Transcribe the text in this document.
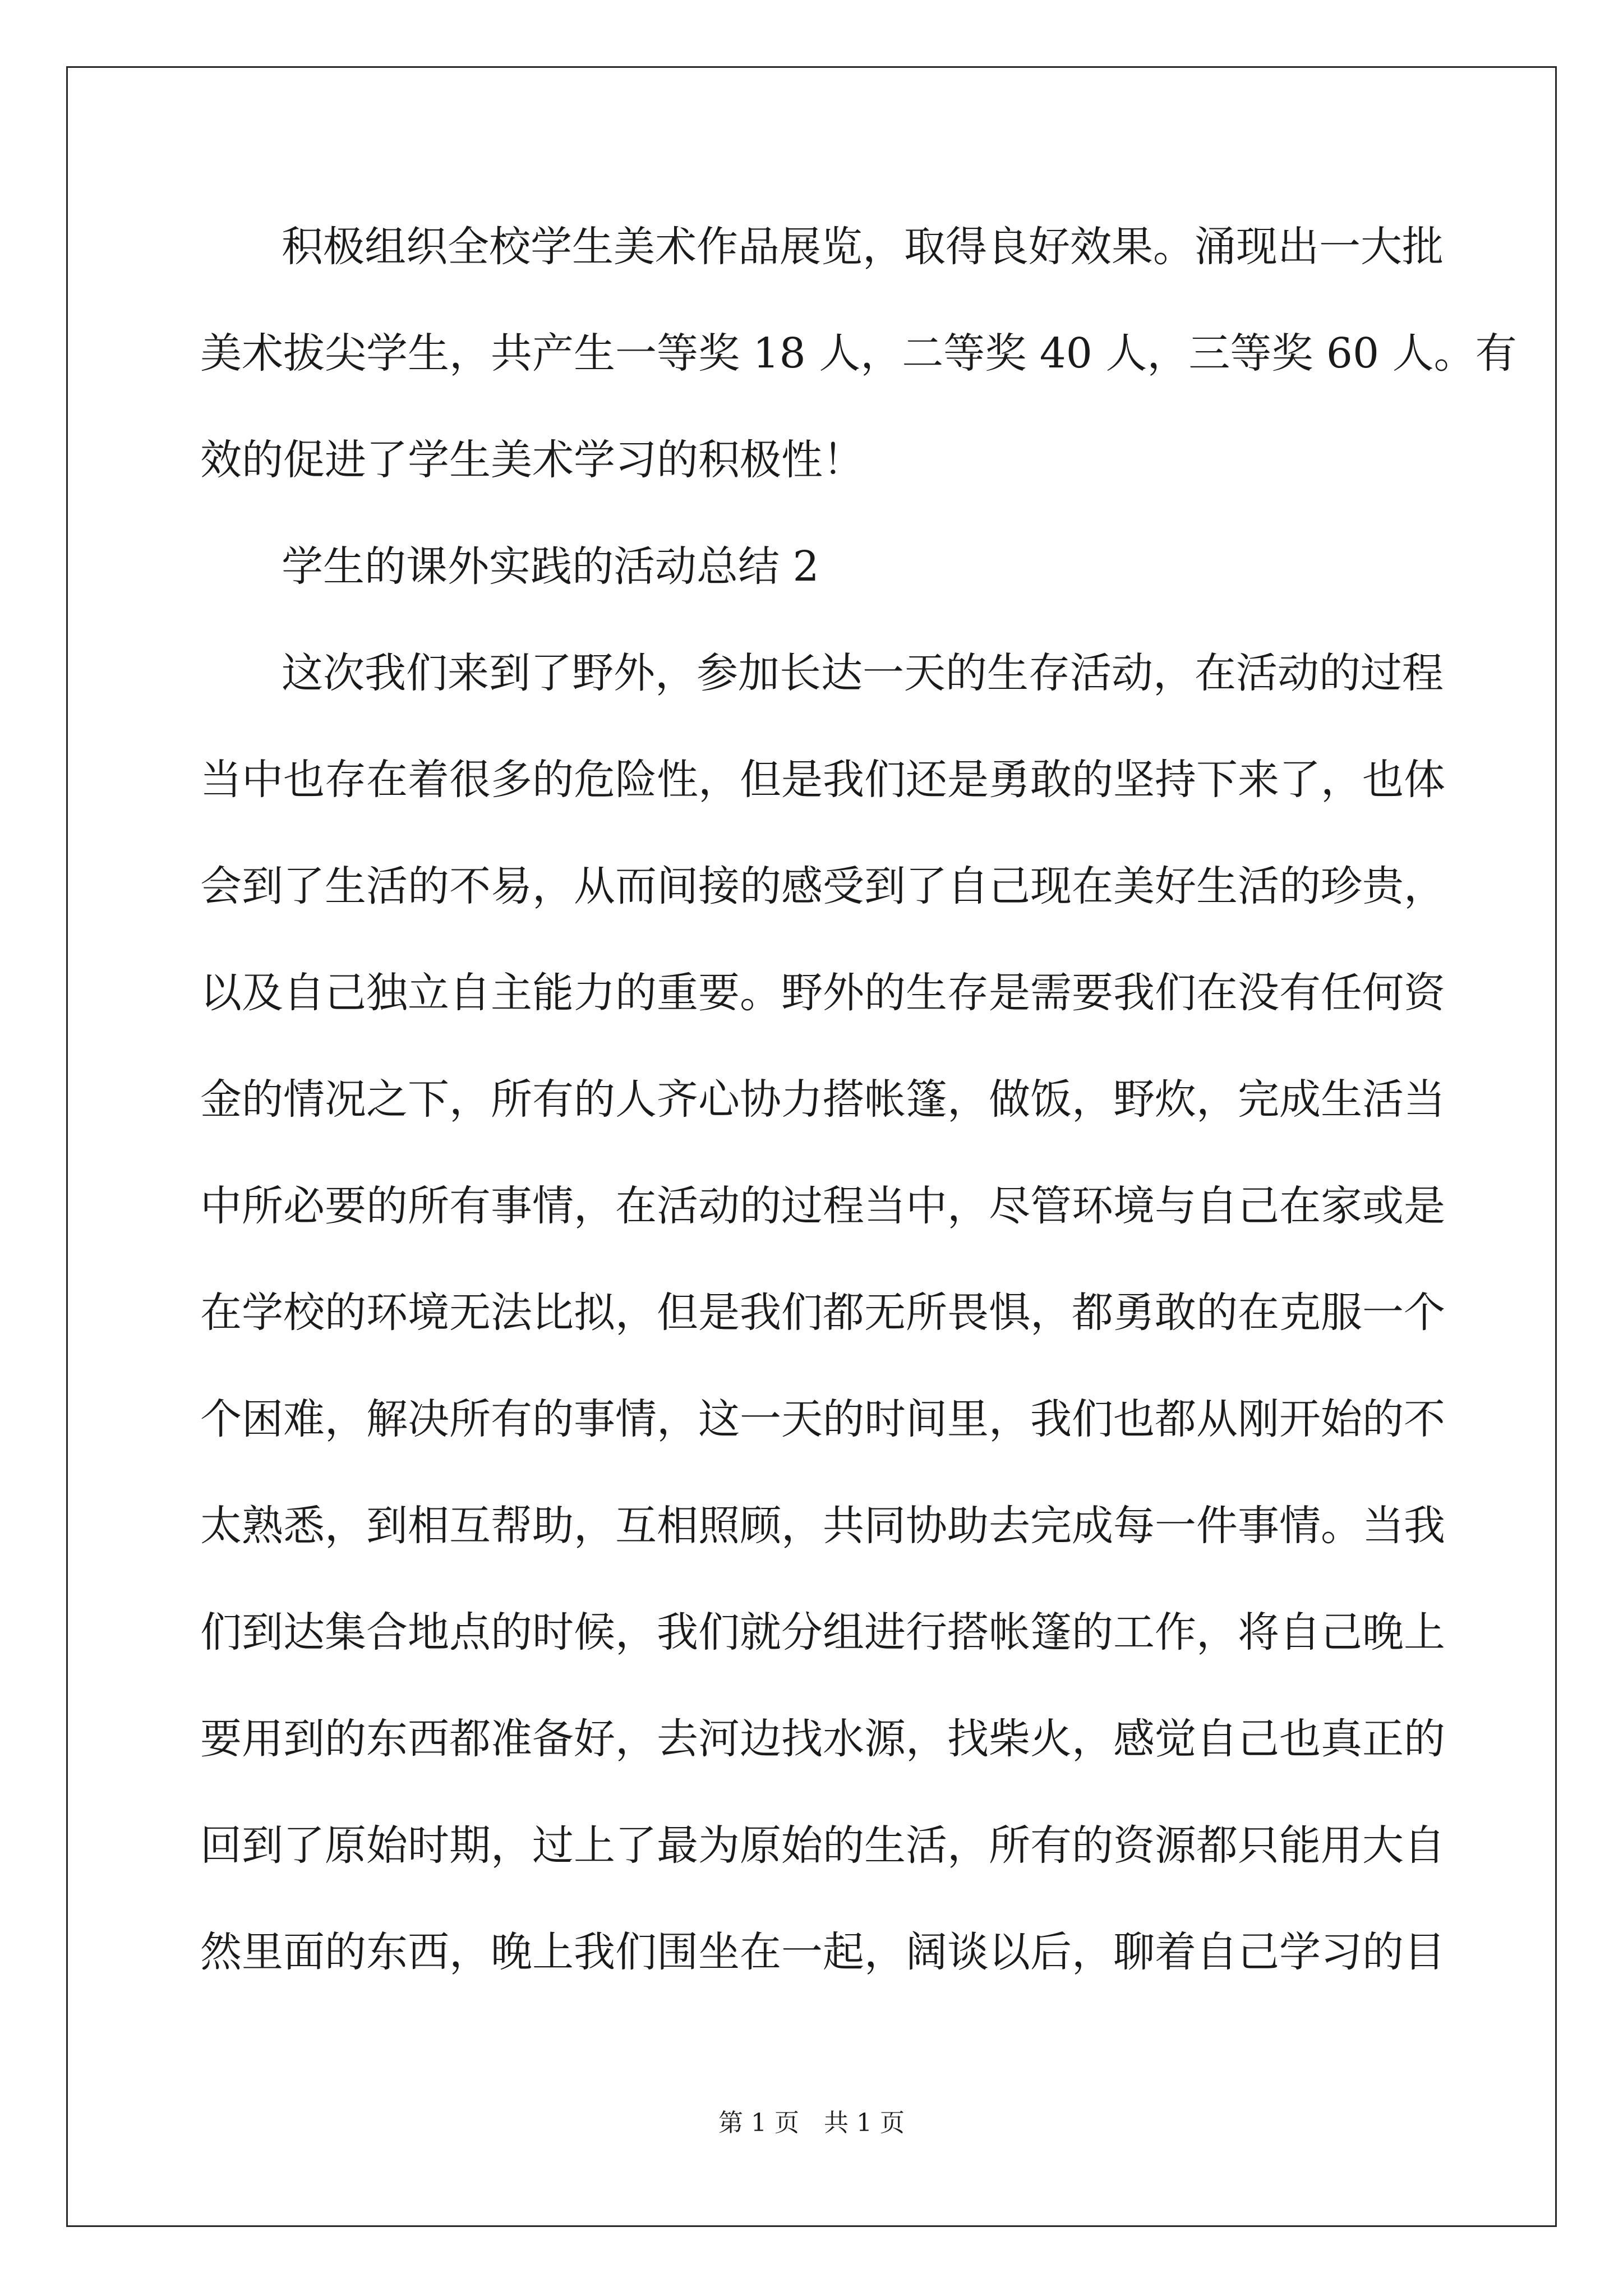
积极组织全校学生美术作品展览，取得良好效果。涌现出一大批
美术拔尖学生，共产生一等奖 18 人，二等奖 40 人，三等奖 60 人。有
效的促进了学生美术学习的积极性！
学生的课外实践的活动总结 2
这次我们来到了野外，参加长达一天的生存活动，在活动的过程
当中也存在着很多的危险性，但是我们还是勇敢的坚持下来了，也体
会到了生活的不易，从而间接的感受到了自己现在美好生活的珍贵，
以及自己独立自主能力的重要。野外的生存是需要我们在没有任何资
金的情况之下，所有的人齐心协力搭帐篷，做饭，野炊，完成生活当
中所必要的所有事情，在活动的过程当中，尽管环境与自己在家或是
在学校的环境无法比拟，但是我们都无所畏惧，都勇敢的在克服一个
个困难，解决所有的事情，这一天的时间里，我们也都从刚开始的不
太熟悉，到相互帮助，互相照顾，共同协助去完成每一件事情。当我
们到达集合地点的时候，我们就分组进行搭帐篷的工作，将自己晚上
要用到的东西都准备好，去河边找水源，找柴火，感觉自己也真正的
回到了原始时期，过上了最为原始的生活，所有的资源都只能用大自
然里面的东西，晚上我们围坐在一起，阔谈以后，聊着自己学习的目
第 1 页　共 1 页
